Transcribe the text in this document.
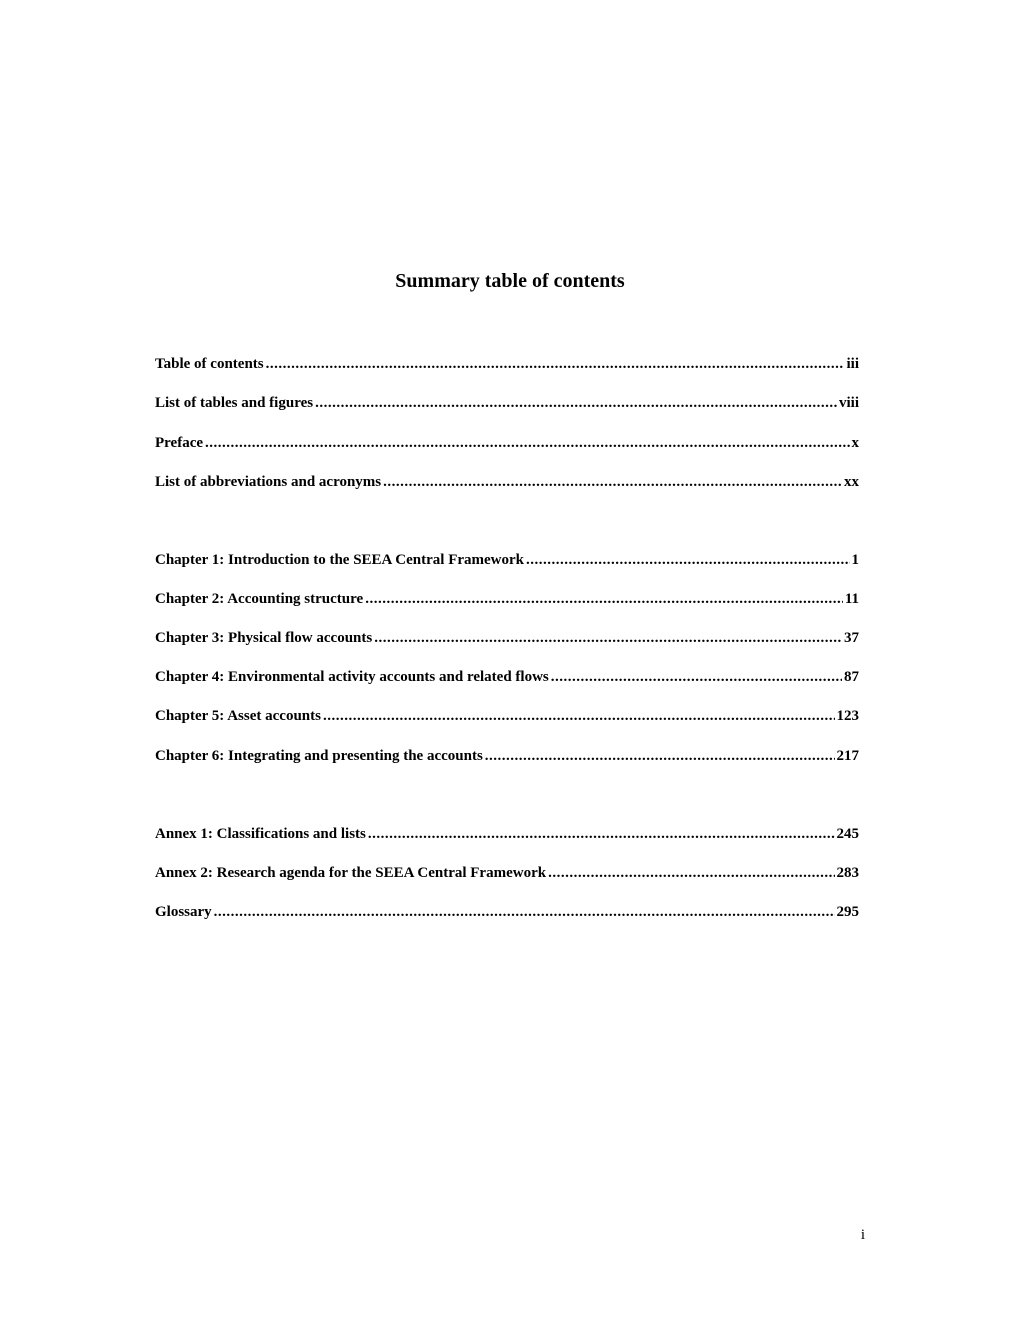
Summary table of contents
Table of contents .....	iii
List of tables and figures .....	viii
Preface .....	x
List of abbreviations and acronyms .....	xx
Chapter 1: Introduction to the SEEA Central Framework .....	1
Chapter 2: Accounting structure .....	11
Chapter 3: Physical flow accounts .....	37
Chapter 4: Environmental activity accounts and related flows .....	87
Chapter 5: Asset accounts .....	123
Chapter 6: Integrating and presenting the accounts .....	217
Annex 1: Classifications and lists .....	245
Annex 2: Research agenda for the SEEA Central Framework .....	283
Glossary .....	295
i
